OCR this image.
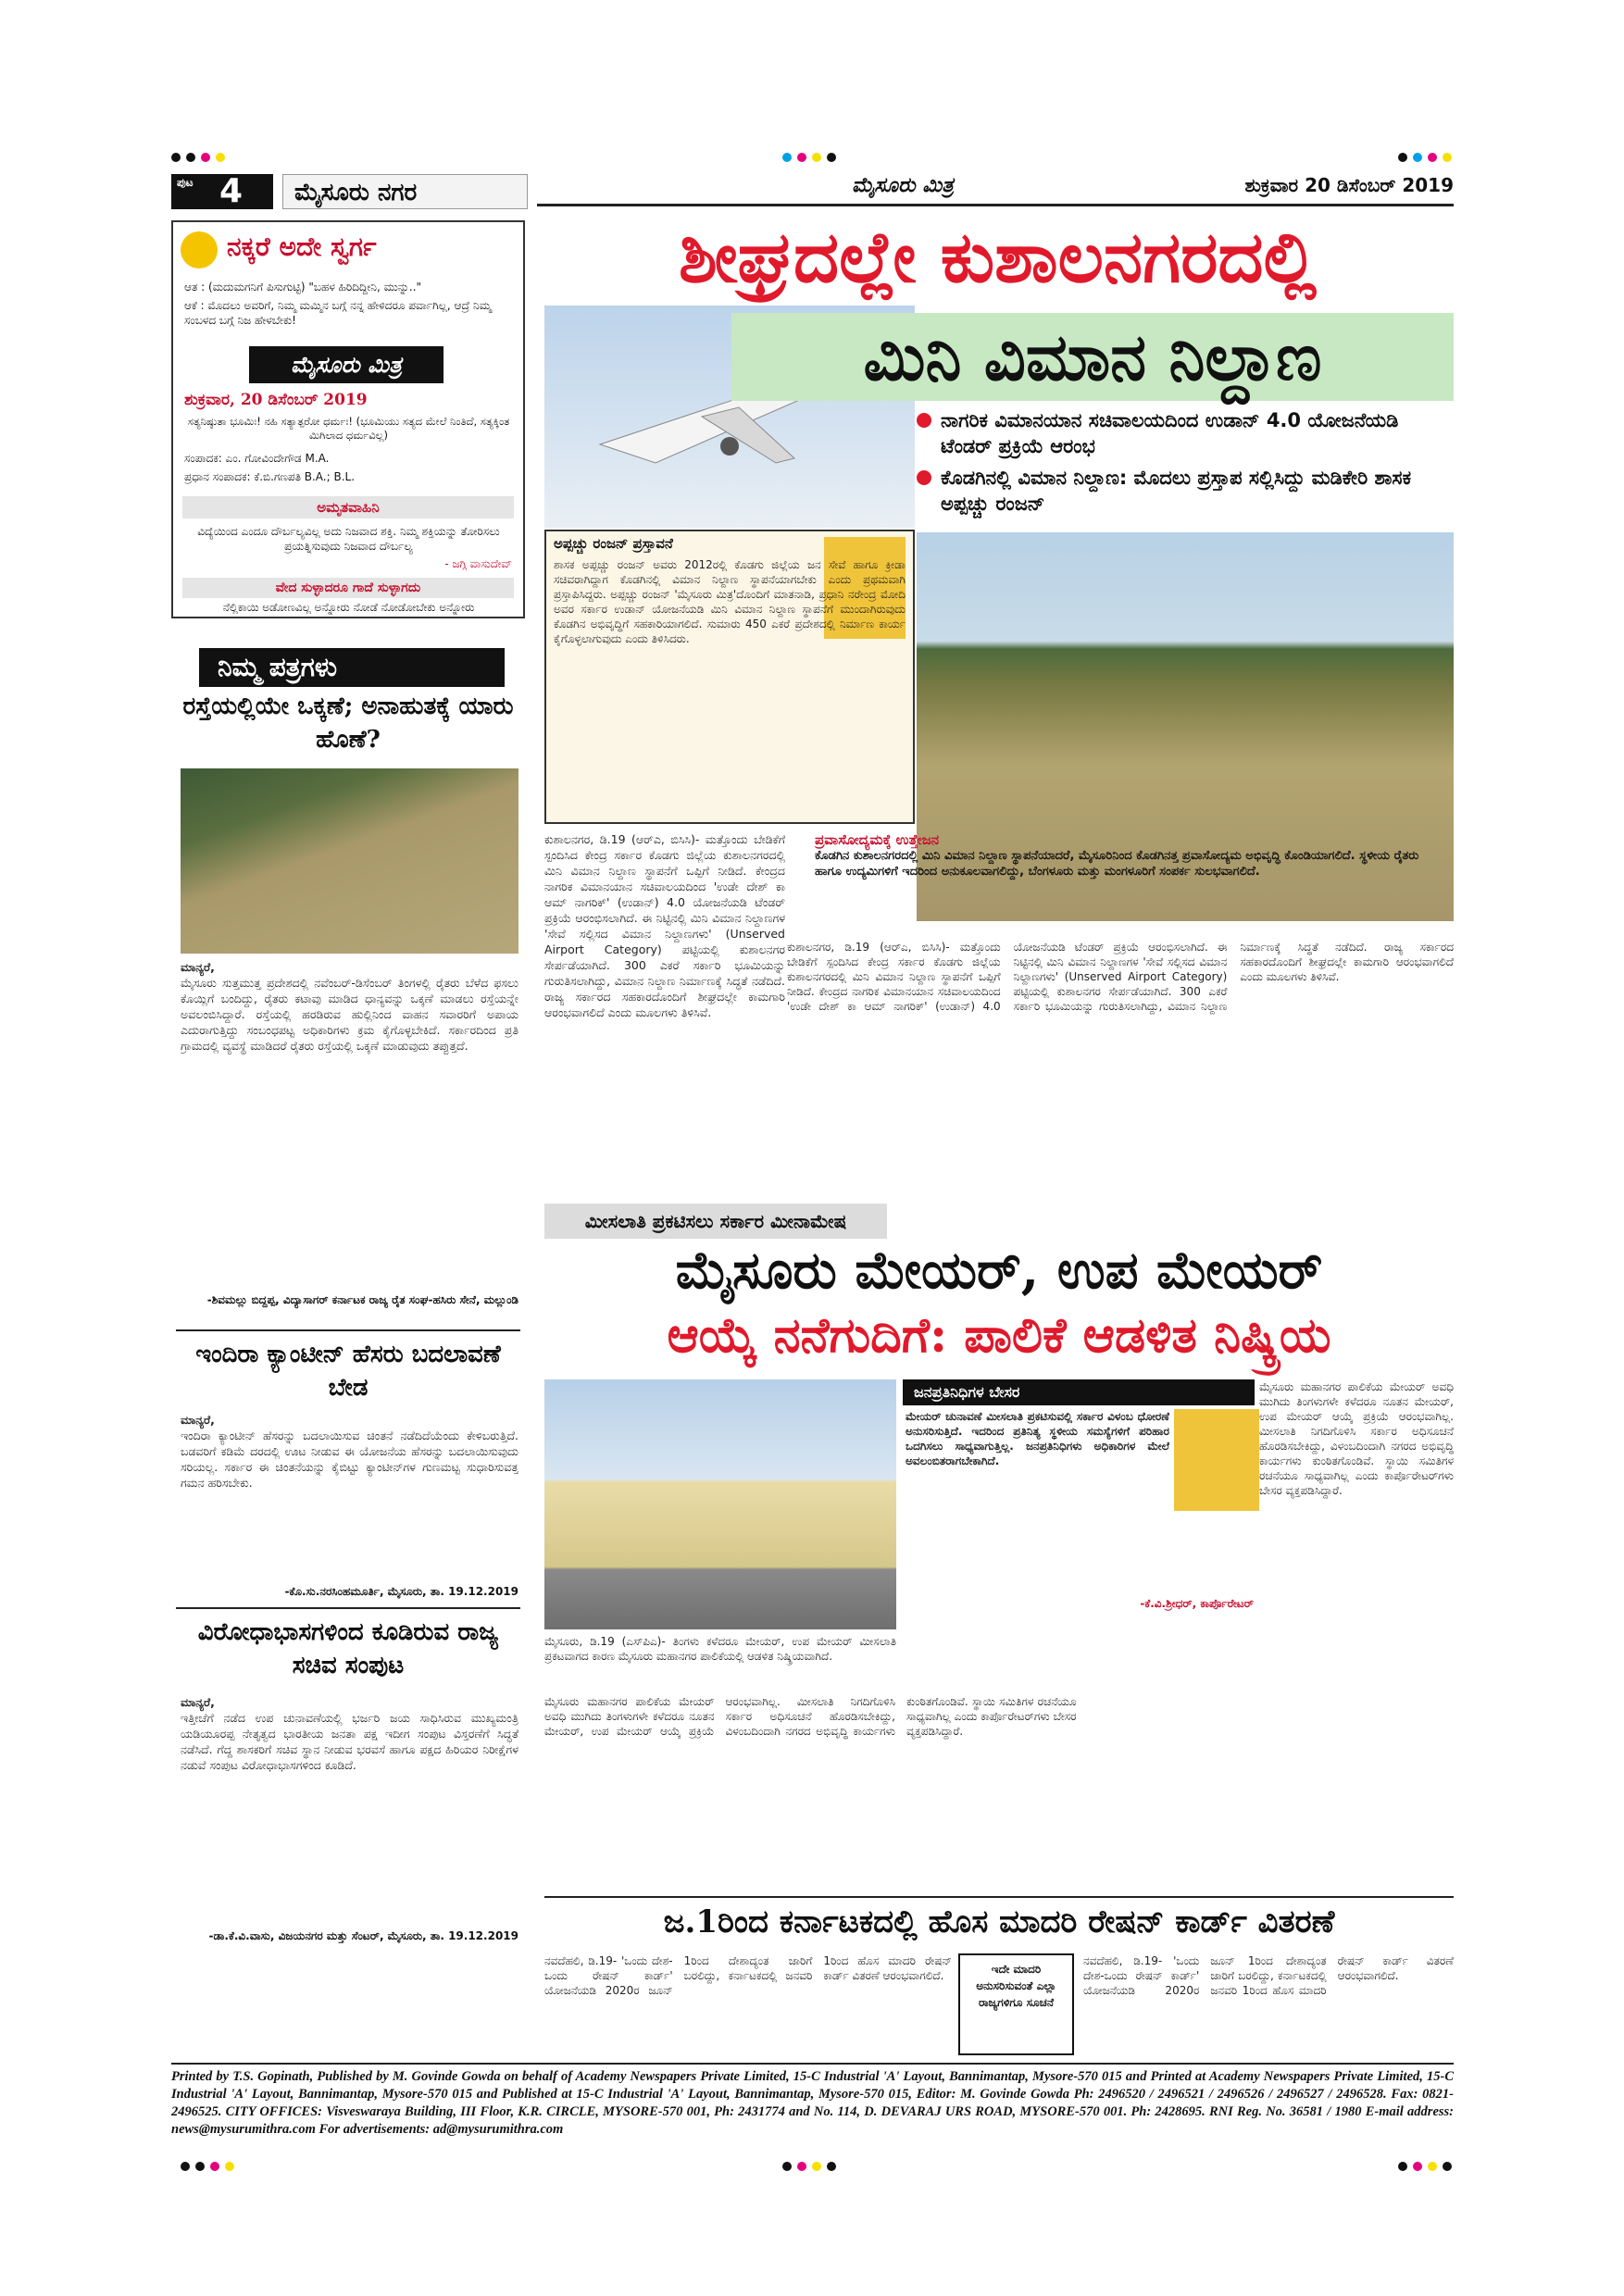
ಪುಟ 4	ಮೈಸೂರು ನಗರ	ಮೈಸೂರು ಮಿತ್ರ	ಶುಕ್ರವಾರ 20 ಡಿಸೆಂಬರ್ 2019
ನಕ್ಕರೆ ಅದೇ ಸ್ವರ್ಗ
ಆತ : (ಮದುಮಗನಿಗೆ ಪಿಸುಗುಟ್ಟಿ) "ಬಹಳ ಹಿರಿದಿದ್ದೀನಿ, ಮುನ್ನು.."
ಆಕೆ : ಮೊದಲು ಅವರಿಗೆ, ನಿಮ್ಮ ಮಮ್ಮಿನ ಬಗ್ಗೆ ನನ್ನ ಹೇಳಿದರೂ ಪರ್ವಾಗಿಲ್ಲ, ಆದ್ರೆ ನಿಮ್ಮ ಸಂಬಳದ ಬಗ್ಗೆ ನಿಜ ಹೇಳಬೇಕು!
ಮೈಸೂರು ಮಿತ್ರ
ಶುಕ್ರವಾರ, 20 ಡಿಸೆಂಬರ್ 2019
ಸತ್ಯನಿಷ್ಠುತಾ ಭೂಮಿಃ! ನಹಿ ಸತ್ಯಾತ್ಪರೋ ಧರ್ಮಃ! (ಭೂಮಿಯು ಸತ್ಯದ ಮೇಲೆ ನಿಂತಿದೆ, ಸತ್ಯಕ್ಕಿಂತ ಮಿಗಿಲಾದ ಧರ್ಮವಿಲ್ಲ)
ಸಂಪಾದಕ: ಎಂ. ಗೋವಿಂದೇಗೌಡ M.A.
ಪ್ರಧಾನ ಸಂಪಾದಕ: ಕೆ.ಬಿ.ಗಣಪತಿ B.A.; B.L.
ಅಮೃತವಾಹಿನಿ
ವಿದ್ಯೆಯಿಂದ ಎಂದೂ ದೌರ್ಬಲ್ಯವಿಲ್ಲ ಅದು ನಿಜವಾದ ಶಕ್ತಿ. ನಿಮ್ಮ ಶಕ್ತಿಯನ್ನು ತೋರಿಸಲು ಪ್ರಯತ್ನಿಸುವುದು ನಿಜವಾದ ದೌರ್ಬಲ್ಯ
- ಜಗ್ಗಿ ವಾಸುದೇವ್
ವೇದ ಸುಳ್ಳಾದರೂ ಗಾದೆ ಸುಳ್ಳಾಗದು
ನೆಲ್ಲಿಕಾಯಿ ಅಡೋಣವಿಲ್ಲ ಅನ್ನೋರು ನೋಡೆ ನೋಡೋಬೇಕು ಅನ್ನೋರು
ನಿಮ್ಮ ಪತ್ರಗಳು
ರಸ್ತೆಯಲ್ಲಿಯೇ ಒಕ್ಕಣೆ; ಅನಾಹುತಕ್ಕೆ ಯಾರು ಹೊಣೆ?
ಮಾನ್ಯರೆ,
ಮೈಸೂರು ಸುತ್ತಮುತ್ತ ಪ್ರದೇಶದಲ್ಲಿ ನವೆಂಬರ್-ಡಿಸೆಂಬರ್ ತಿಂಗಳಲ್ಲಿ ರೈತರು ಬೆಳೆದ ಫಸಲು ಕೊಯ್ಲಿಗೆ ಬಂದಿದ್ದು, ರೈತರು ಕಟಾವು ಮಾಡಿದ ಧಾನ್ಯವನ್ನು ಒಕ್ಕಣೆ ಮಾಡಲು ರಸ್ತೆಯನ್ನೇ ಅವಲಂಬಿಸಿದ್ದಾರೆ. ರಸ್ತೆಯಲ್ಲಿ ಹರಡಿರುವ ಹುಲ್ಲಿನಿಂದ ವಾಹನ ಸವಾರರಿಗೆ ಅಪಾಯ ಎದುರಾಗುತ್ತಿದ್ದು ಸಂಬಂಧಪಟ್ಟ ಅಧಿಕಾರಿಗಳು ಕ್ರಮ ಕೈಗೊಳ್ಳಬೇಕಿದೆ. ಸರ್ಕಾರದಿಂದ ಪ್ರತಿ ಗ್ರಾಮದಲ್ಲಿ ವ್ಯವಸ್ಥೆ ಮಾಡಿದರೆ ರೈತರು ರಸ್ತೆಯಲ್ಲಿ ಒಕ್ಕಣೆ ಮಾಡುವುದು ತಪ್ಪುತ್ತದೆ.
-ಶಿವಮಲ್ಲು ಬಿದ್ದಪ್ಪ, ವಿದ್ಯಾಸಾಗರ್ ಕರ್ನಾಟಕ ರಾಜ್ಯ ರೈತ ಸಂಘ-ಹಸಿರು ಸೇನೆ, ಮಲ್ಲುಂಡಿ
ಇಂದಿರಾ ಕ್ಯಾಂಟೀನ್ ಹೆಸರು ಬದಲಾವಣೆ ಬೇಡ
ಮಾನ್ಯರೆ,
ಇಂದಿರಾ ಕ್ಯಾಂಟೀನ್ ಹೆಸರನ್ನು ಬದಲಾಯಿಸುವ ಚಿಂತನೆ ನಡೆದಿದೆಯೆಂದು ಕೇಳಿಬರುತ್ತಿದೆ. ಬಡವರಿಗೆ ಕಡಿಮೆ ದರದಲ್ಲಿ ಊಟ ನೀಡುವ ಈ ಯೋಜನೆಯ ಹೆಸರನ್ನು ಬದಲಾಯಿಸುವುದು ಸರಿಯಲ್ಲ. ಸರ್ಕಾರ ಈ ಚಿಂತನೆಯನ್ನು ಕೈಬಿಟ್ಟು ಕ್ಯಾಂಟೀನ್‌ಗಳ ಗುಣಮಟ್ಟ ಸುಧಾರಿಸುವತ್ತ ಗಮನ ಹರಿಸಬೇಕು.
-ಕೊ.ಸು.ನರಸಿಂಹಮೂರ್ತಿ, ಮೈಸೂರು, ತಾ. 19.12.2019
ವಿರೋಧಾಭಾಸಗಳಿಂದ ಕೂಡಿರುವ ರಾಜ್ಯ ಸಚಿವ ಸಂಪುಟ
ಮಾನ್ಯರೆ,
ಇತ್ತೀಚೆಗೆ ನಡೆದ ಉಪ ಚುನಾವಣೆಯಲ್ಲಿ ಭರ್ಜರಿ ಜಯ ಸಾಧಿಸಿರುವ ಮುಖ್ಯಮಂತ್ರಿ ಯಡಿಯೂರಪ್ಪ ನೇತೃತ್ವದ ಭಾರತೀಯ ಜನತಾ ಪಕ್ಷ ಇದೀಗ ಸಂಪುಟ ವಿಸ್ತರಣೆಗೆ ಸಿದ್ಧತೆ ನಡೆಸಿದೆ. ಗೆದ್ದ ಶಾಸಕರಿಗೆ ಸಚಿವ ಸ್ಥಾನ ನೀಡುವ ಭರವಸೆ ಹಾಗೂ ಪಕ್ಷದ ಹಿರಿಯರ ನಿರೀಕ್ಷೆಗಳ ನಡುವೆ ಸಂಪುಟ ವಿರೋಧಾಭಾಸಗಳಿಂದ ಕೂಡಿದೆ.
-ಡಾ.ಕೆ.ವಿ.ವಾಸು, ವಿಜಯನಗರ ಮತ್ತು ಸೆಂಟರ್, ಮೈಸೂರು, ತಾ. 19.12.2019
ಶೀಘ್ರದಲ್ಲೇ ಕುಶಾಲನಗರದಲ್ಲಿ
ಮಿನಿ ವಿಮಾನ ನಿಲ್ದಾಣ
ನಾಗರಿಕ ವಿಮಾನಯಾನ ಸಚಿವಾಲಯದಿಂದ ಉಡಾನ್ 4.0 ಯೋಜನೆಯಡಿ ಟೆಂಡರ್ ಪ್ರಕ್ರಿಯೆ ಆರಂಭ
ಕೊಡಗಿನಲ್ಲಿ ವಿಮಾನ ನಿಲ್ದಾಣ: ಮೊದಲು ಪ್ರಸ್ತಾಪ ಸಲ್ಲಿಸಿದ್ದು ಮಡಿಕೇರಿ ಶಾಸಕ ಅಪ್ಪಚ್ಚು ರಂಜನ್
ಅಪ್ಪಚ್ಚು ರಂಜನ್ ಪ್ರಸ್ತಾವನೆ
ಶಾಸಕ ಅಪ್ಪಚ್ಚು ರಂಜನ್ ಅವರು 2012ರಲ್ಲಿ ಕೊಡಗು ಜಿಲ್ಲೆಯ ಜನ ಸೇವೆ ಹಾಗೂ ಕ್ರೀಡಾ ಸಚಿವರಾಗಿದ್ದಾಗ ಕೊಡಗಿನಲ್ಲಿ ವಿಮಾನ ನಿಲ್ದಾಣ ಸ್ಥಾಪನೆಯಾಗಬೇಕು ಎಂದು ಪ್ರಥಮವಾಗಿ ಪ್ರಸ್ತಾಪಿಸಿದ್ದರು. ಅಪ್ಪಚ್ಚು ರಂಜನ್ 'ಮೈಸೂರು ಮಿತ್ರ'ದೊಂದಿಗೆ ಮಾತನಾಡಿ, ಪ್ರಧಾನಿ ನರೇಂದ್ರ ಮೋದಿ ಅವರ ಸರ್ಕಾರ ಉಡಾನ್ ಯೋಜನೆಯಡಿ ಮಿನಿ ವಿಮಾನ ನಿಲ್ದಾಣ ಸ್ಥಾಪನೆಗೆ ಮುಂದಾಗಿರುವುದು ಕೊಡಗಿನ ಅಭಿವೃದ್ಧಿಗೆ ಸಹಕಾರಿಯಾಗಲಿದೆ. ಸುಮಾರು 450 ಎಕರೆ ಪ್ರದೇಶದಲ್ಲಿ ನಿರ್ಮಾಣ ಕಾರ್ಯ ಕೈಗೊಳ್ಳಲಾಗುವುದು ಎಂದು ತಿಳಿಸಿದರು.
ಕುಶಾಲನಗರ, ಡಿ.19 (ಆರ್‌ಎ, ಬಿಸಿಸಿ)- ಮತ್ತೊಂದು ಬೇಡಿಕೆಗೆ ಸ್ಪಂದಿಸಿದ ಕೇಂದ್ರ ಸರ್ಕಾರ ಕೊಡಗು ಜಿಲ್ಲೆಯ ಕುಶಾಲನಗರದಲ್ಲಿ ಮಿನಿ ವಿಮಾನ ನಿಲ್ದಾಣ ಸ್ಥಾಪನೆಗೆ ಒಪ್ಪಿಗೆ ನೀಡಿದೆ. ಕೇಂದ್ರದ ನಾಗರಿಕ ವಿಮಾನಯಾನ ಸಚಿವಾಲಯದಿಂದ 'ಉಡೇ ದೇಶ್ ಕಾ ಆಮ್ ನಾಗರಿಕ್' (ಉಡಾನ್) 4.0 ಯೋಜನೆಯಡಿ ಟೆಂಡರ್ ಪ್ರಕ್ರಿಯೆ ಆರಂಭಿಸಲಾಗಿದೆ. ಈ ನಿಟ್ಟಿನಲ್ಲಿ ಮಿನಿ ವಿಮಾನ ನಿಲ್ದಾಣಗಳ 'ಸೇವೆ ಸಲ್ಲಿಸದ ವಿಮಾನ ನಿಲ್ದಾಣಗಳು' (Unserved Airport Category) ಪಟ್ಟಿಯಲ್ಲಿ ಕುಶಾಲನಗರ ಸೇರ್ಪಡೆಯಾಗಿದೆ. 300 ಎಕರೆ ಸರ್ಕಾರಿ ಭೂಮಿಯನ್ನು ಗುರುತಿಸಲಾಗಿದ್ದು, ವಿಮಾನ ನಿಲ್ದಾಣ ನಿರ್ಮಾಣಕ್ಕೆ ಸಿದ್ಧತೆ ನಡೆದಿದೆ. ರಾಜ್ಯ ಸರ್ಕಾರದ ಸಹಕಾರದೊಂದಿಗೆ ಶೀಘ್ರದಲ್ಲೇ ಕಾಮಗಾರಿ ಆರಂಭವಾಗಲಿದೆ ಎಂದು ಮೂಲಗಳು ತಿಳಿಸಿವೆ.
ಪ್ರವಾಸೋದ್ಯಮಕ್ಕೆ ಉತ್ತೇಜನ
ಕೊಡಗಿನ ಕುಶಾಲನಗರದಲ್ಲಿ ಮಿನಿ ವಿಮಾನ ನಿಲ್ದಾಣ ಸ್ಥಾಪನೆಯಾದರೆ, ಮೈಸೂರಿನಿಂದ ಕೊಡಗಿನತ್ತ ಪ್ರವಾಸೋದ್ಯಮ ಅಭಿವೃದ್ಧಿ ಕೊಂಡಿಯಾಗಲಿದೆ. ಸ್ಥಳೀಯ ರೈತರು ಹಾಗೂ ಉದ್ಯಮಿಗಳಿಗೆ ಇದರಿಂದ ಅನುಕೂಲವಾಗಲಿದ್ದು, ಬೆಂಗಳೂರು ಮತ್ತು ಮಂಗಳೂರಿಗೆ ಸಂಪರ್ಕ ಸುಲಭವಾಗಲಿದೆ.
ಕುಶಾಲನಗರ, ಡಿ.19 (ಆರ್‌ಎ, ಬಿಸಿಸಿ)- ಮತ್ತೊಂದು ಬೇಡಿಕೆಗೆ ಸ್ಪಂದಿಸಿದ ಕೇಂದ್ರ ಸರ್ಕಾರ ಕೊಡಗು ಜಿಲ್ಲೆಯ ಕುಶಾಲನಗರದಲ್ಲಿ ಮಿನಿ ವಿಮಾನ ನಿಲ್ದಾಣ ಸ್ಥಾಪನೆಗೆ ಒಪ್ಪಿಗೆ ನೀಡಿದೆ. ಕೇಂದ್ರದ ನಾಗರಿಕ ವಿಮಾನಯಾನ ಸಚಿವಾಲಯದಿಂದ 'ಉಡೇ ದೇಶ್ ಕಾ ಆಮ್ ನಾಗರಿಕ್' (ಉಡಾನ್) 4.0 ಯೋಜನೆಯಡಿ ಟೆಂಡರ್ ಪ್ರಕ್ರಿಯೆ ಆರಂಭಿಸಲಾಗಿದೆ. ಈ ನಿಟ್ಟಿನಲ್ಲಿ ಮಿನಿ ವಿಮಾನ ನಿಲ್ದಾಣಗಳ 'ಸೇವೆ ಸಲ್ಲಿಸದ ವಿಮಾನ ನಿಲ್ದಾಣಗಳು' (Unserved Airport Category) ಪಟ್ಟಿಯಲ್ಲಿ ಕುಶಾಲನಗರ ಸೇರ್ಪಡೆಯಾಗಿದೆ. 300 ಎಕರೆ ಸರ್ಕಾರಿ ಭೂಮಿಯನ್ನು ಗುರುತಿಸಲಾಗಿದ್ದು, ವಿಮಾನ ನಿಲ್ದಾಣ ನಿರ್ಮಾಣಕ್ಕೆ ಸಿದ್ಧತೆ ನಡೆದಿದೆ. ರಾಜ್ಯ ಸರ್ಕಾರದ ಸಹಕಾರದೊಂದಿಗೆ ಶೀಘ್ರದಲ್ಲೇ ಕಾಮಗಾರಿ ಆರಂಭವಾಗಲಿದೆ ಎಂದು ಮೂಲಗಳು ತಿಳಿಸಿವೆ.
ಮೀಸಲಾತಿ ಪ್ರಕಟಿಸಲು ಸರ್ಕಾರ ಮೀನಾಮೇಷ
ಮೈಸೂರು ಮೇಯರ್, ಉಪ ಮೇಯರ್
ಆಯ್ಕೆ ನನೆಗುದಿಗೆ: ಪಾಲಿಕೆ ಆಡಳಿತ ನಿಷ್ಕ್ರಿಯ
ಮೈಸೂರು, ಡಿ.19 (ಎಸ್‌ಪಿಎ)- ತಿಂಗಳು ಕಳೆದರೂ ಮೇಯರ್, ಉಪ ಮೇಯರ್ ಮೀಸಲಾತಿ ಪ್ರಕಟವಾಗದ ಕಾರಣ ಮೈಸೂರು ಮಹಾನಗರ ಪಾಲಿಕೆಯಲ್ಲಿ ಆಡಳಿತ ನಿಷ್ಕ್ರಿಯವಾಗಿದೆ.
ಜನಪ್ರತಿನಿಧಿಗಳ ಬೇಸರ
ಮೇಯರ್ ಚುನಾವಣೆ ಮೀಸಲಾತಿ ಪ್ರಕಟಿಸುವಲ್ಲಿ ಸರ್ಕಾರ ವಿಳಂಬ ಧೋರಣೆ ಅನುಸರಿಸುತ್ತಿದೆ. ಇದರಿಂದ ಪ್ರತಿನಿತ್ಯ ಸ್ಥಳೀಯ ಸಮಸ್ಯೆಗಳಿಗೆ ಪರಿಹಾರ ಒದಗಿಸಲು ಸಾಧ್ಯವಾಗುತ್ತಿಲ್ಲ. ಜನಪ್ರತಿನಿಧಿಗಳು ಅಧಿಕಾರಿಗಳ ಮೇಲೆ ಅವಲಂಬಿತರಾಗಬೇಕಾಗಿದೆ.
-ಕೆ.ವಿ.ಶ್ರೀಧರ್, ಕಾರ್ಪೊರೇಟರ್
ಮೈಸೂರು ಮಹಾನಗರ ಪಾಲಿಕೆಯ ಮೇಯರ್ ಅವಧಿ ಮುಗಿದು ತಿಂಗಳುಗಳೇ ಕಳೆದರೂ ನೂತನ ಮೇಯರ್, ಉಪ ಮೇಯರ್ ಆಯ್ಕೆ ಪ್ರಕ್ರಿಯೆ ಆರಂಭವಾಗಿಲ್ಲ. ಮೀಸಲಾತಿ ನಿಗದಿಗೊಳಿಸಿ ಸರ್ಕಾರ ಅಧಿಸೂಚನೆ ಹೊರಡಿಸಬೇಕಿದ್ದು, ವಿಳಂಬದಿಂದಾಗಿ ನಗರದ ಅಭಿವೃದ್ಧಿ ಕಾರ್ಯಗಳು ಕುಂಠಿತಗೊಂಡಿವೆ. ಸ್ಥಾಯಿ ಸಮಿತಿಗಳ ರಚನೆಯೂ ಸಾಧ್ಯವಾಗಿಲ್ಲ ಎಂದು ಕಾರ್ಪೊರೇಟರ್‌ಗಳು ಬೇಸರ ವ್ಯಕ್ತಪಡಿಸಿದ್ದಾರೆ.
ಮೈಸೂರು ಮಹಾನಗರ ಪಾಲಿಕೆಯ ಮೇಯರ್ ಅವಧಿ ಮುಗಿದು ತಿಂಗಳುಗಳೇ ಕಳೆದರೂ ನೂತನ ಮೇಯರ್, ಉಪ ಮೇಯರ್ ಆಯ್ಕೆ ಪ್ರಕ್ರಿಯೆ ಆರಂಭವಾಗಿಲ್ಲ. ಮೀಸಲಾತಿ ನಿಗದಿಗೊಳಿಸಿ ಸರ್ಕಾರ ಅಧಿಸೂಚನೆ ಹೊರಡಿಸಬೇಕಿದ್ದು, ವಿಳಂಬದಿಂದಾಗಿ ನಗರದ ಅಭಿವೃದ್ಧಿ ಕಾರ್ಯಗಳು ಕುಂಠಿತಗೊಂಡಿವೆ. ಸ್ಥಾಯಿ ಸಮಿತಿಗಳ ರಚನೆಯೂ ಸಾಧ್ಯವಾಗಿಲ್ಲ ಎಂದು ಕಾರ್ಪೊರೇಟರ್‌ಗಳು ಬೇಸರ ವ್ಯಕ್ತಪಡಿಸಿದ್ದಾರೆ.
ಜ.1ರಿಂದ ಕರ್ನಾಟಕದಲ್ಲಿ ಹೊಸ ಮಾದರಿ ರೇಷನ್ ಕಾರ್ಡ್ ವಿತರಣೆ
ಇದೇ ಮಾದರಿ ಅನುಸರಿಸುವಂತೆ ಎಲ್ಲಾ ರಾಜ್ಯಗಳಿಗೂ ಸೂಚನೆ
ನವದೆಹಲಿ, ಡಿ.19- 'ಒಂದು ದೇಶ-ಒಂದು ರೇಷನ್ ಕಾರ್ಡ್' ಯೋಜನೆಯಡಿ 2020ರ ಜೂನ್ 1ರಿಂದ ದೇಶಾದ್ಯಂತ ಜಾರಿಗೆ ಬರಲಿದ್ದು, ಕರ್ನಾಟಕದಲ್ಲಿ ಜನವರಿ 1ರಿಂದ ಹೊಸ ಮಾದರಿ ರೇಷನ್ ಕಾರ್ಡ್ ವಿತರಣೆ ಆರಂಭವಾಗಲಿದೆ.
ನವದೆಹಲಿ, ಡಿ.19- 'ಒಂದು ದೇಶ-ಒಂದು ರೇಷನ್ ಕಾರ್ಡ್' ಯೋಜನೆಯಡಿ 2020ರ ಜೂನ್ 1ರಿಂದ ದೇಶಾದ್ಯಂತ ಜಾರಿಗೆ ಬರಲಿದ್ದು, ಕರ್ನಾಟಕದಲ್ಲಿ ಜನವರಿ 1ರಿಂದ ಹೊಸ ಮಾದರಿ ರೇಷನ್ ಕಾರ್ಡ್ ವಿತರಣೆ ಆರಂಭವಾಗಲಿದೆ.
Printed by T.S. Gopinath, Published by M. Govinde Gowda on behalf of Academy Newspapers Private Limited, 15-C Industrial 'A' Layout, Bannimantap, Mysore-570 015 and Printed at Academy Newspapers Private Limited, 15-C Industrial 'A' Layout, Bannimantap, Mysore-570 015 and Published at 15-C Industrial 'A' Layout, Bannimantap, Mysore-570 015, Editor: M. Govinde Gowda Ph: 2496520 / 2496521 / 2496526 / 2496527 / 2496528. Fax: 0821-2496525. CITY OFFICES: Visveswaraya Building, III Floor, K.R. CIRCLE, MYSORE-570 001, Ph: 2431774 and No. 114, D. DEVARAJ URS ROAD, MYSORE-570 001. Ph: 2428695. RNI Reg. No. 36581 / 1980 E-mail address: news@mysurumithra.com For advertisements: ad@mysurumithra.com
